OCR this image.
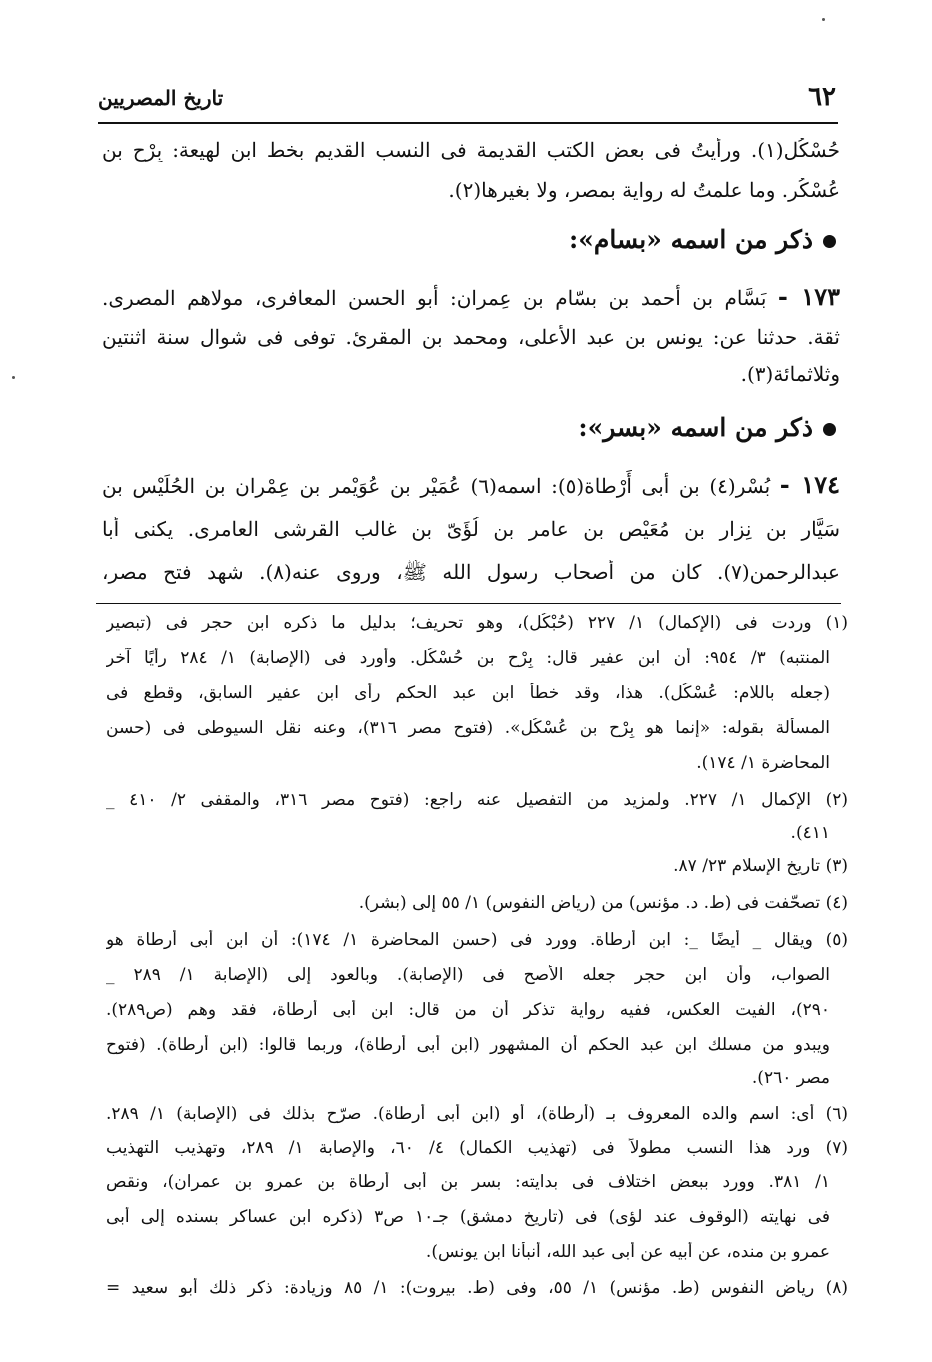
٦٢
تاريخ المصريين
حُسْكُل(١). ورأيتُ فى بعض الكتب القديمة فى النسب القديم بخط ابن لهيعة: بِرْح بن
عُسْكُر. وما علمتُ له رواية بمصر، ولا بغيرها(٢).
ذكر من اسمه «بسام»:
١٧٣ - بَسَّام بن أحمد بن بسّام بن عِمران: أبو الحسن المعافرى، مولاهم المصرى.
ثقة. حدثنا عن: يونس بن عبد الأعلى، ومحمد بن المقرئ. توفى فى شوال سنة اثنتين
وثلاثمائة(٣).
ذكر من اسمه «بسر»:
١٧٤ - بُسْر(٤) بن أبى أَرْطاة(٥): اسمه(٦) عُمَيْر بن عُوَيْمر بن عِمْران بن الحُلَيْس بن
سَيَّار بن نِزار بن مُعَيْص بن عامر بن لُؤَىّ بن غالب القرشى العامرى. يكنى أبا
عبدالرحمن(٧). كان من أصحاب رسول الله ﷺ، وروى عنه(٨). شهد فتح مصر،
(١) وردت فى (الإكمال) ١/ ٢٢٧ (حُبْكُل)، وهو تحريف؛ بدليل ما ذكره ابن حجر فى (تبصير
المنتبه) ٣/ ٩٥٤: أن ابن عفير قال: بِرْح بن حُسْكُل. وأورد فى (الإصابة) ١/ ٢٨٤ رأيًا آخر
(جعله باللام: عُسْكُل). هذا، وقد خطأ ابن عبد الحكم رأى ابن عفير السابق، وقطع فى
المسألة بقوله: «إنما هو بِرْح بن عُسْكُل». (فتوح مصر ٣١٦)، وعنه نقل السيوطى فى (حسن
المحاضرة ١/ ١٧٤).
(٢) الإكمال ١/ ٢٢٧. ولمزيد من التفصيل عنه راجع: (فتوح مصر ٣١٦، والمقفى ٢/ ٤١٠ _
٤١١).
(٣) تاريخ الإسلام ٢٣/ ٨٧.
(٤) تصحّفت فى (ط. د. مؤنس) من (رياض النفوس) ١/ ٥٥ إلى (بشر).
(٥) ويقال _ أيضًا _: ابن أرطاة. وورد فى (حسن المحاضرة ١/ ١٧٤): أن ابن أبى أرطاة هو
الصواب، وأن ابن حجر جعله الأصح فى (الإصابة). وبالعود إلى (الإصابة ١/ ٢٨٩ _
٢٩٠)، الفيت العكس، ففيه رواية تذكر أن من قال: ابن أبى أرطاة، فقد وهم (ص٢٨٩).
ويبدو من مسلك ابن عبد الحكم أن المشهور (ابن أبى أرطاة)، وربما قالوا: (ابن أرطاة). (فتوح
مصر ٢٦٠).
(٦) أى: اسم والده المعروف بـ (أرطاة)، أو (ابن أبى أرطاة). صرّح بذلك فى (الإصابة) ١/ ٢٨٩.
(٧) ورد هذا النسب مطولاً فى (تهذيب الكمال) ٤/ ٦٠، والإصابة ١/ ٢٨٩، وتهذيب التهذيب
١/ ٣٨١. وورد ببعض اختلاف فى بدايته: بسر بن أبى أرطاة بن عمرو بن عمران)، ونقص
فى نهايته (الوقوف عند لؤى) فى (تاريخ دمشق) جـ١٠ ص٣ (ذكره ابن عساكر بسنده إلى أبى
عمرو بن منده، عن أبيه عن أبى عبد الله، أنبأنا ابن يونس).
(٨) رياض النفوس (ط. مؤنس) ١/ ٥٥، وفى (ط. بيروت): ١/ ٨٥ وزيادة: ذكر ذلك أبو سعيد =
